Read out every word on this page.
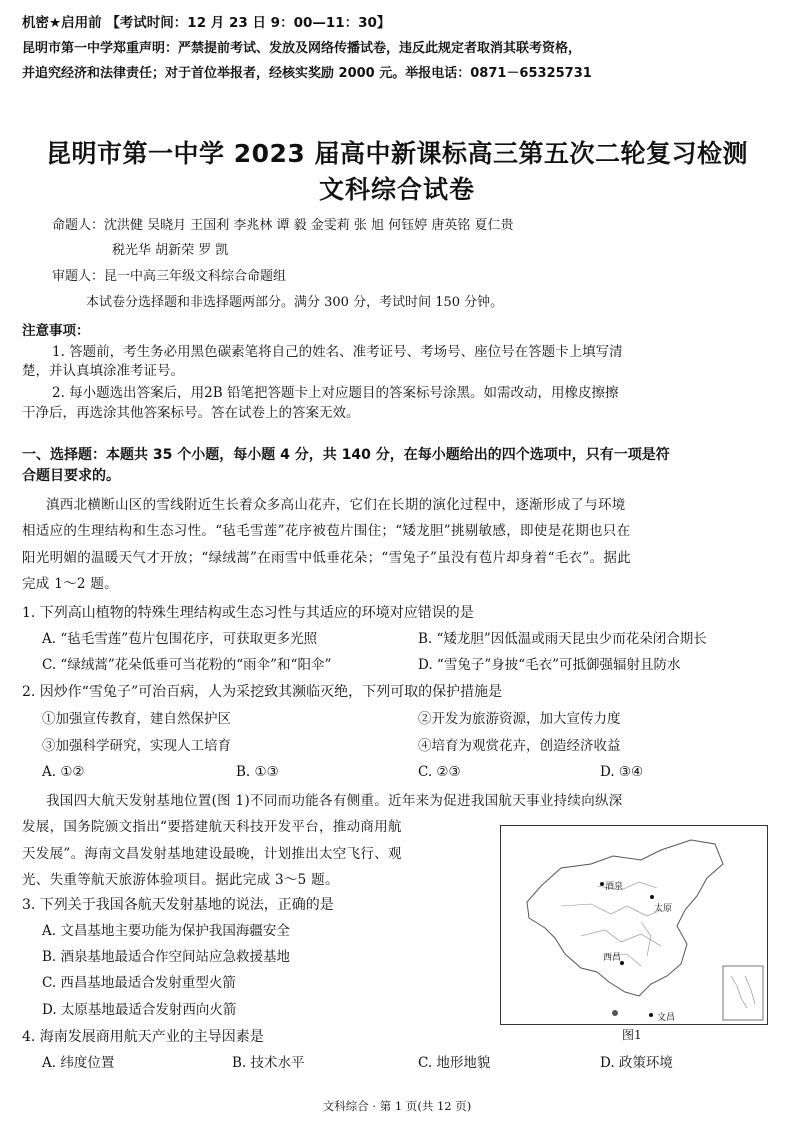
机密★启用前 【考试时间：12 月 23 日 9：00—11：30】
昆明市第一中学郑重声明：严禁提前考试、发放及网络传播试卷，违反此规定者取消其联考资格，
并追究经济和法律责任；对于首位举报者，经核实奖励 2000 元。举报电话：0871－65325731
昆明市第一中学 2023 届高中新课标高三第五次二轮复习检测
文科综合试卷
命题人：沈洪健 吴晓月 王国利 李兆林 谭 毅 金雯莉 张 旭 何钰婷 唐英铭 夏仁贵
税光华 胡新荣 罗 凯
审题人：昆一中高三年级文科综合命题组
本试卷分选择题和非选择题两部分。满分 300 分，考试时间 150 分钟。
注意事项：
1. 答题前，考生务必用黑色碳素笔将自己的姓名、准考证号、考场号、座位号在答题卡上填写清
楚，并认真填涂准考证号。
2. 每小题选出答案后，用2B 铅笔把答题卡上对应题目的答案标号涂黑。如需改动，用橡皮擦擦
干净后，再选涂其他答案标号。答在试卷上的答案无效。
一、选择题：本题共 35 个小题，每小题 4 分，共 140 分，在每小题给出的四个选项中，只有一项是符
合题目要求的。
滇西北横断山区的雪线附近生长着众多高山花卉，它们在长期的演化过程中，逐渐形成了与环境
相适应的生理结构和生态习性。“毡毛雪莲”花序被苞片围住；“矮龙胆”挑剔敏感，即使是花期也只在
阳光明媚的温暖天气才开放；“绿绒蒿”在雨雪中低垂花朵；“雪兔子”虽没有苞片却身着“毛衣”。据此
完成 1～2 题。
1. 下列高山植物的特殊生理结构或生态习性与其适应的环境对应错误的是
A. “毡毛雪莲”苞片包围花序，可获取更多光照	B. “矮龙胆”因低温或雨天昆虫少而花朵闭合期长
C. “绿绒蒿”花朵低垂可当花粉的“雨伞”和“阳伞”	D. “雪兔子”身披“毛衣”可抵御强辐射且防水
2. 因炒作“雪兔子”可治百病，人为采挖致其濒临灭绝，下列可取的保护措施是
①加强宣传教育，建自然保护区	②开发为旅游资源，加大宣传力度
③加强科学研究，实现人工培育	④培育为观赏花卉，创造经济收益
A. ①②	B. ①③	C. ②③	D. ③④
我国四大航天发射基地位置(图 1)不同而功能各有侧重。近年来为促进我国航天事业持续向纵深
发展，国务院颁文指出“要搭建航天科技开发平台，推动商用航
天发展”。海南文昌发射基地建设最晚，计划推出太空飞行、观
光、失重等航天旅游体验项目。据此完成 3～5 题。
3. 下列关于我国各航天发射基地的说法，正确的是
A. 文昌基地主要功能为保护我国海疆安全
B. 酒泉基地最适合作空间站应急救援基地
C. 西昌基地最适合发射重型火箭
D. 太原基地最适合发射西向火箭
4. 海南发展商用航天产业的主导因素是
A. 纬度位置	B. 技术水平	C. 地形地貌	D. 政策环境
酒泉
太原
西昌
文昌
图1
文科综合 · 第 1 页(共 12 页)
